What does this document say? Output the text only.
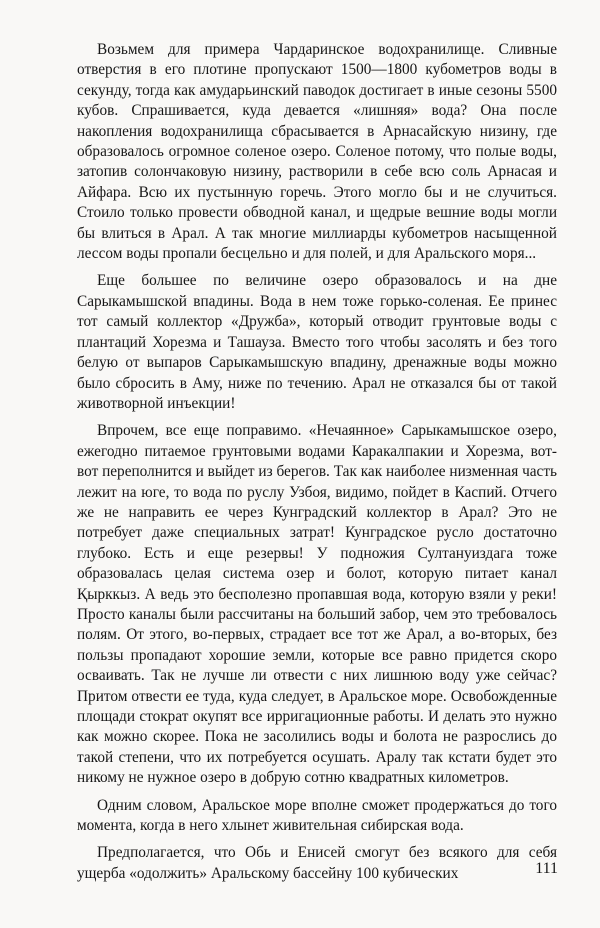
Возьмем для примера Чардаринское водохранилище. Сливные отверстия в его плотине пропускают 1500—1800 кубометров воды в секунду, тогда как амударьинский паводок достигает в иные сезоны 5500 кубов. Спрашивается, куда девается «лишняя» вода? Она после накопления водохранилища сбрасывается в Арнасайскую низину, где образовалось огромное соленое озеро. Соленое потому, что полые воды, затопив солончаковую низину, растворили в себе всю соль Арнасая и Айфара. Всю их пустынную горечь. Этого могло бы и не случиться. Стоило только провести обводной канал, и щедрые вешние воды могли бы влиться в Арал. А так многие миллиарды кубометров насыщенной лессом воды пропали бесцельно и для полей, и для Аральского моря...

Еще большее по величине озеро образовалось и на дне Сарыкамышской впадины. Вода в нем тоже горько-соленая. Ее принес тот самый коллектор «Дружба», который отводит грунтовые воды с плантаций Хорезма и Ташауза. Вместо того чтобы засолять и без того белую от выпаров Сарыкамышскую впадину, дренажные воды можно было сбросить в Аму, ниже по течению. Арал не отказался бы от такой животворной инъекции!

Впрочем, все еще поправимо. «Нечаянное» Сарыкамышское озеро, ежегодно питаемое грунтовыми водами Каракалпакии и Хорезма, вот-вот переполнится и выйдет из берегов. Так как наиболее низменная часть лежит на юге, то вода по руслу Узбоя, видимо, пойдет в Каспий. Отчего же не направить ее через Кунградский коллектор в Арал? Это не потребует даже специальных затрат! Кунградское русло достаточно глубоко. Есть и еще резервы! У подножия Султануиздага тоже образовалась целая система озер и болот, которую питает канал Қырккыз. А ведь это бесполезно пропавшая вода, которую взяли у реки! Просто каналы были рассчитаны на больший забор, чем это требовалось полям. От этого, во-первых, страдает все тот же Арал, а во-вторых, без пользы пропадают хорошие земли, которые все равно придется скоро осваивать. Так не лучше ли отвести с них лишнюю воду уже сейчас? Притом отвести ее туда, куда следует, в Аральское море. Освобожденные площади стократ окупят все ирригационные работы. И делать это нужно как можно скорее. Пока не засолились воды и болота не разрослись до такой степени, что их потребуется осушать. Аралу так кстати будет это никому не нужное озеро в добрую сотню квадратных километров.

Одним словом, Аральское море вполне сможет продержаться до того момента, когда в него хлынет живительная сибирская вода.

Предполагается, что Обь и Енисей смогут без всякого для себя ущерба «одолжить» Аральскому бассейну 100 кубических	111
